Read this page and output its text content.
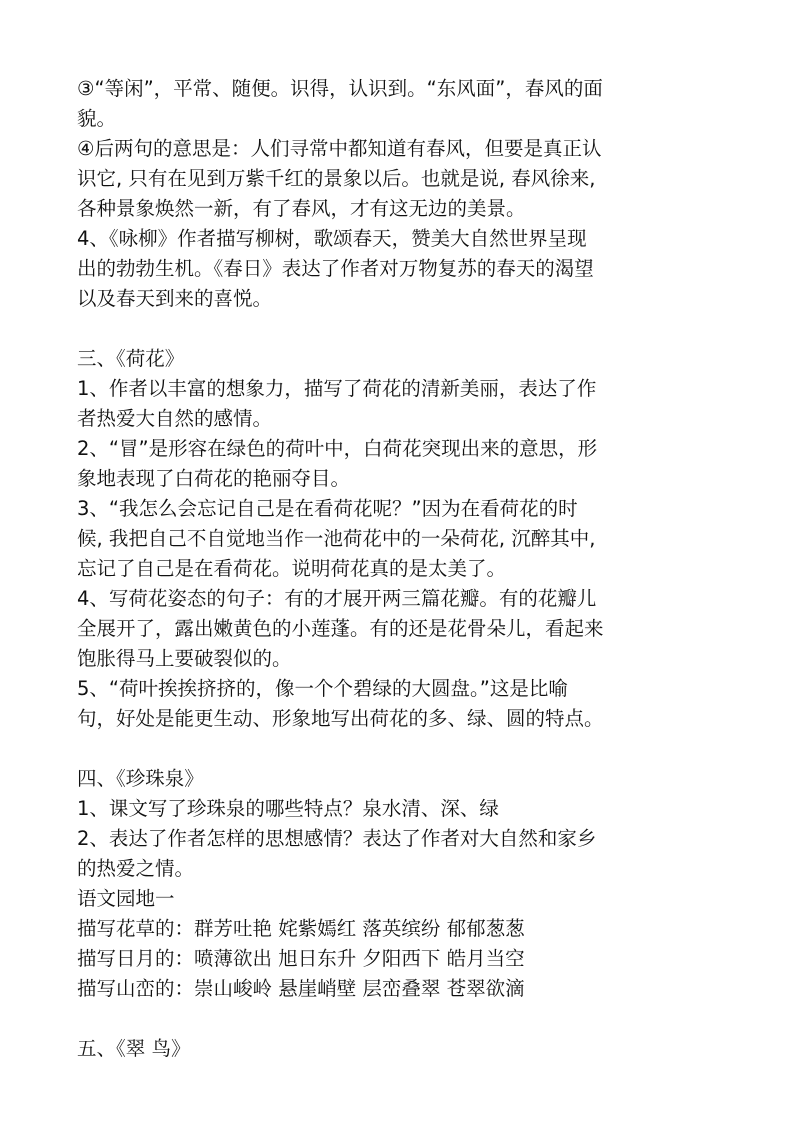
③“等闲”，平常、随便。识得，认识到。“东风面”，春风的面
貌。
④后两句的意思是：人们寻常中都知道有春风，但要是真正认
识它, 只有在见到万紫千红的景象以后。也就是说, 春风徐来,
各种景象焕然一新，有了春风，才有这无边的美景。
4、《咏柳》作者描写柳树，歌颂春天，赞美大自然世界呈现
出的勃勃生机。《春日》表达了作者对万物复苏的春天的渴望
以及春天到来的喜悦。
三、《荷花》
1、作者以丰富的想象力，描写了荷花的清新美丽，表达了作
者热爱大自然的感情。
2、“冒”是形容在绿色的荷叶中，白荷花突现出来的意思，形
象地表现了白荷花的艳丽夺目。
3、“我怎么会忘记自己是在看荷花呢？”因为在看荷花的时
候, 我把自己不自觉地当作一池荷花中的一朵荷花, 沉醉其中,
忘记了自己是在看荷花。说明荷花真的是太美了。
4、写荷花姿态的句子：有的才展开两三篇花瓣。有的花瓣儿
全展开了，露出嫩黄色的小莲蓬。有的还是花骨朵儿，看起来
饱胀得马上要破裂似的。
5、“荷叶挨挨挤挤的，像一个个碧绿的大圆盘。”这是比喻
句，好处是能更生动、形象地写出荷花的多、绿、圆的特点。
四、《珍珠泉》
1、课文写了珍珠泉的哪些特点？泉水清、深、绿
2、表达了作者怎样的思想感情？表达了作者对大自然和家乡
的热爱之情。
语文园地一
描写花草的：群芳吐艳 姹紫嫣红 落英缤纷 郁郁葱葱
描写日月的：喷薄欲出 旭日东升 夕阳西下 皓月当空
描写山峦的：崇山峻岭 悬崖峭壁 层峦叠翠 苍翠欲滴
五、《翠 鸟》
